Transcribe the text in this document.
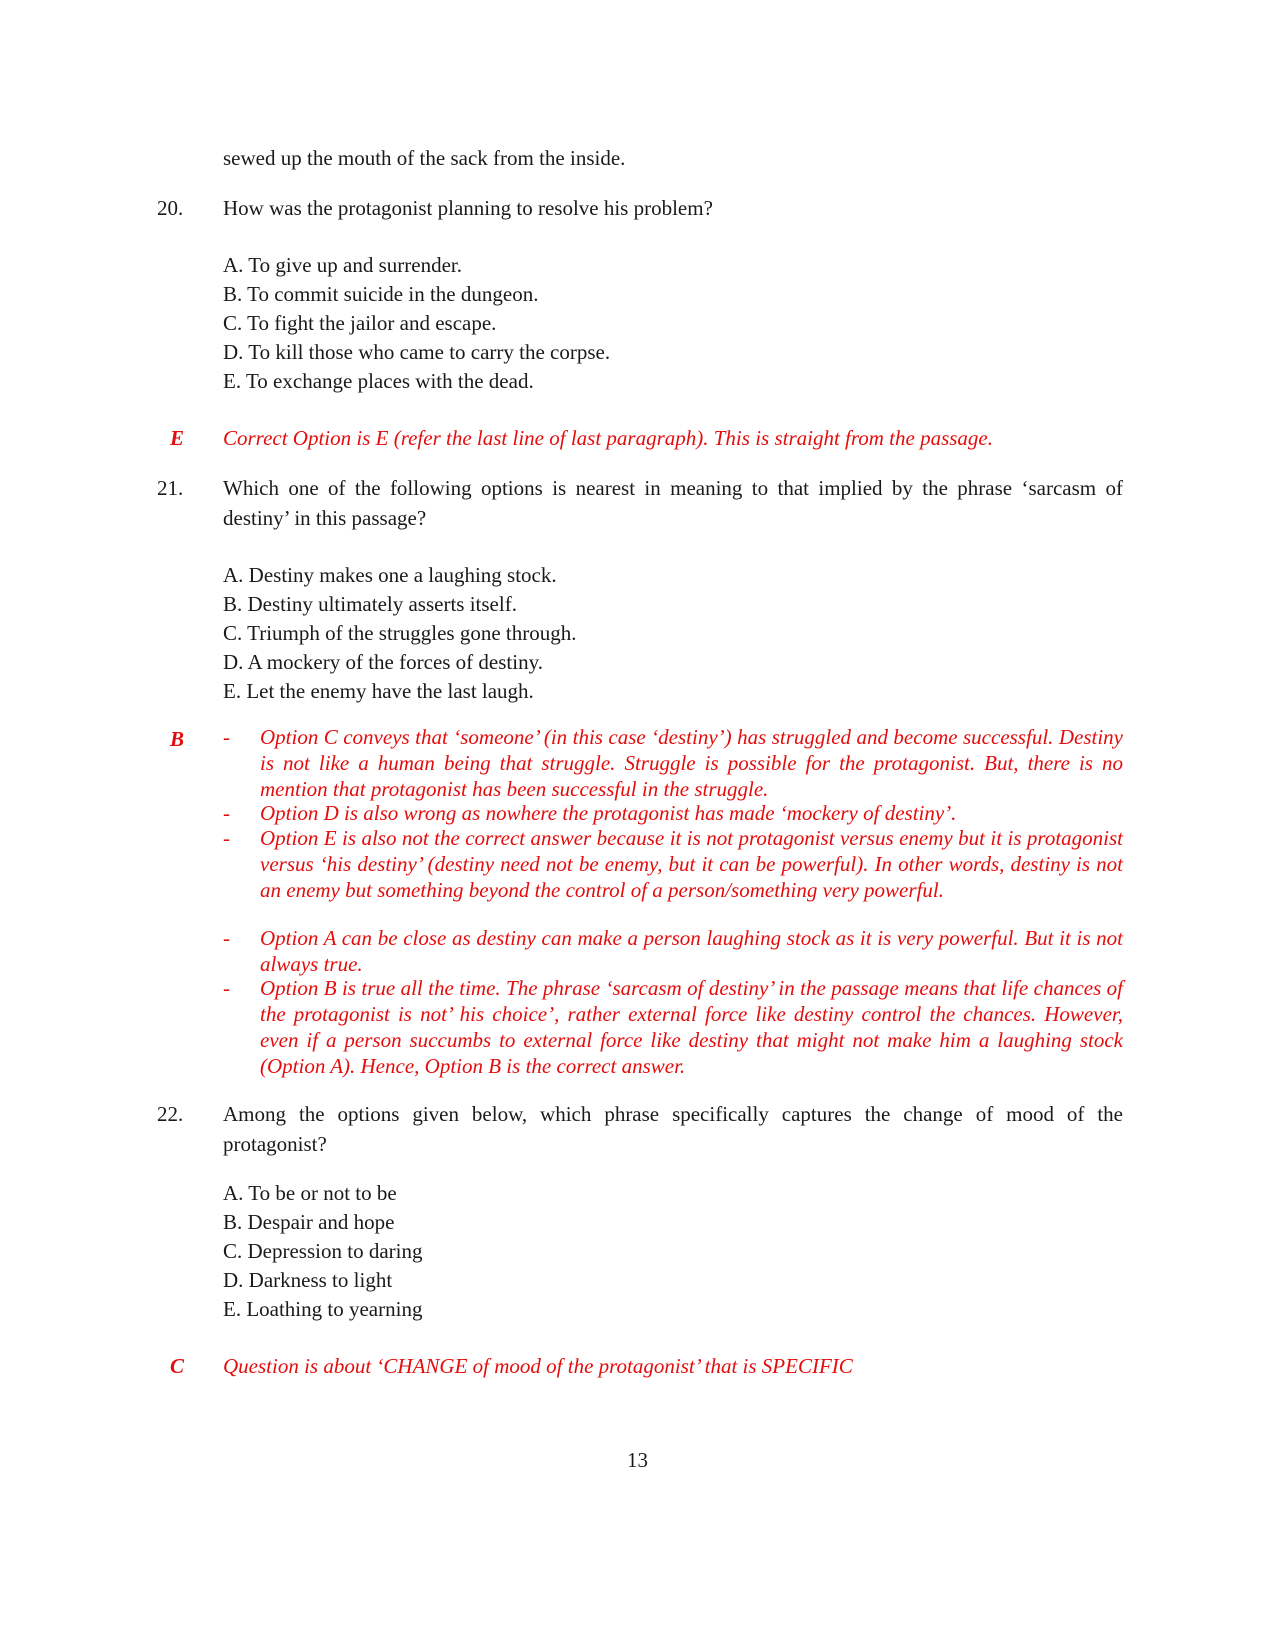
sewed up the mouth of the sack from the inside.
20. How was the protagonist planning to resolve his problem?
A. To give up and surrender.
B. To commit suicide in the dungeon.
C. To fight the jailor and escape.
D. To kill those who came to carry the corpse.
E. To exchange places with the dead.
E Correct Option is E (refer the last line of last paragraph). This is straight from the passage.
21. Which one of the following options is nearest in meaning to that implied by the phrase ‘sarcasm of destiny’ in this passage?
A. Destiny makes one a laughing stock.
B. Destiny ultimately asserts itself.
C. Triumph of the struggles gone through.
D. A mockery of the forces of destiny.
E. Let the enemy have the last laugh.
B - Option C conveys that ‘someone’ (in this case ‘destiny’) has struggled and become successful. Destiny is not like a human being that struggle. Struggle is possible for the protagonist. But, there is no mention that protagonist has been successful in the struggle.
- Option D is also wrong as nowhere the protagonist has made ‘mockery of destiny’.
- Option E is also not the correct answer because it is not protagonist versus enemy but it is protagonist versus ‘his destiny’ (destiny need not be enemy, but it can be powerful). In other words, destiny is not an enemy but something beyond the control of a person/something very powerful.
- Option A can be close as destiny can make a person laughing stock as it is very powerful. But it is not always true.
- Option B is true all the time. The phrase ‘sarcasm of destiny’ in the passage means that life chances of the protagonist is not’ his choice’, rather external force like destiny control the chances. However, even if a person succumbs to external force like destiny that might not make him a laughing stock (Option A). Hence, Option B is the correct answer.
22. Among the options given below, which phrase specifically captures the change of mood of the protagonist?
A. To be or not to be
B. Despair and hope
C. Depression to daring
D. Darkness to light
E. Loathing to yearning
C Question is about ‘CHANGE of mood of the protagonist’ that is SPECIFIC
13
